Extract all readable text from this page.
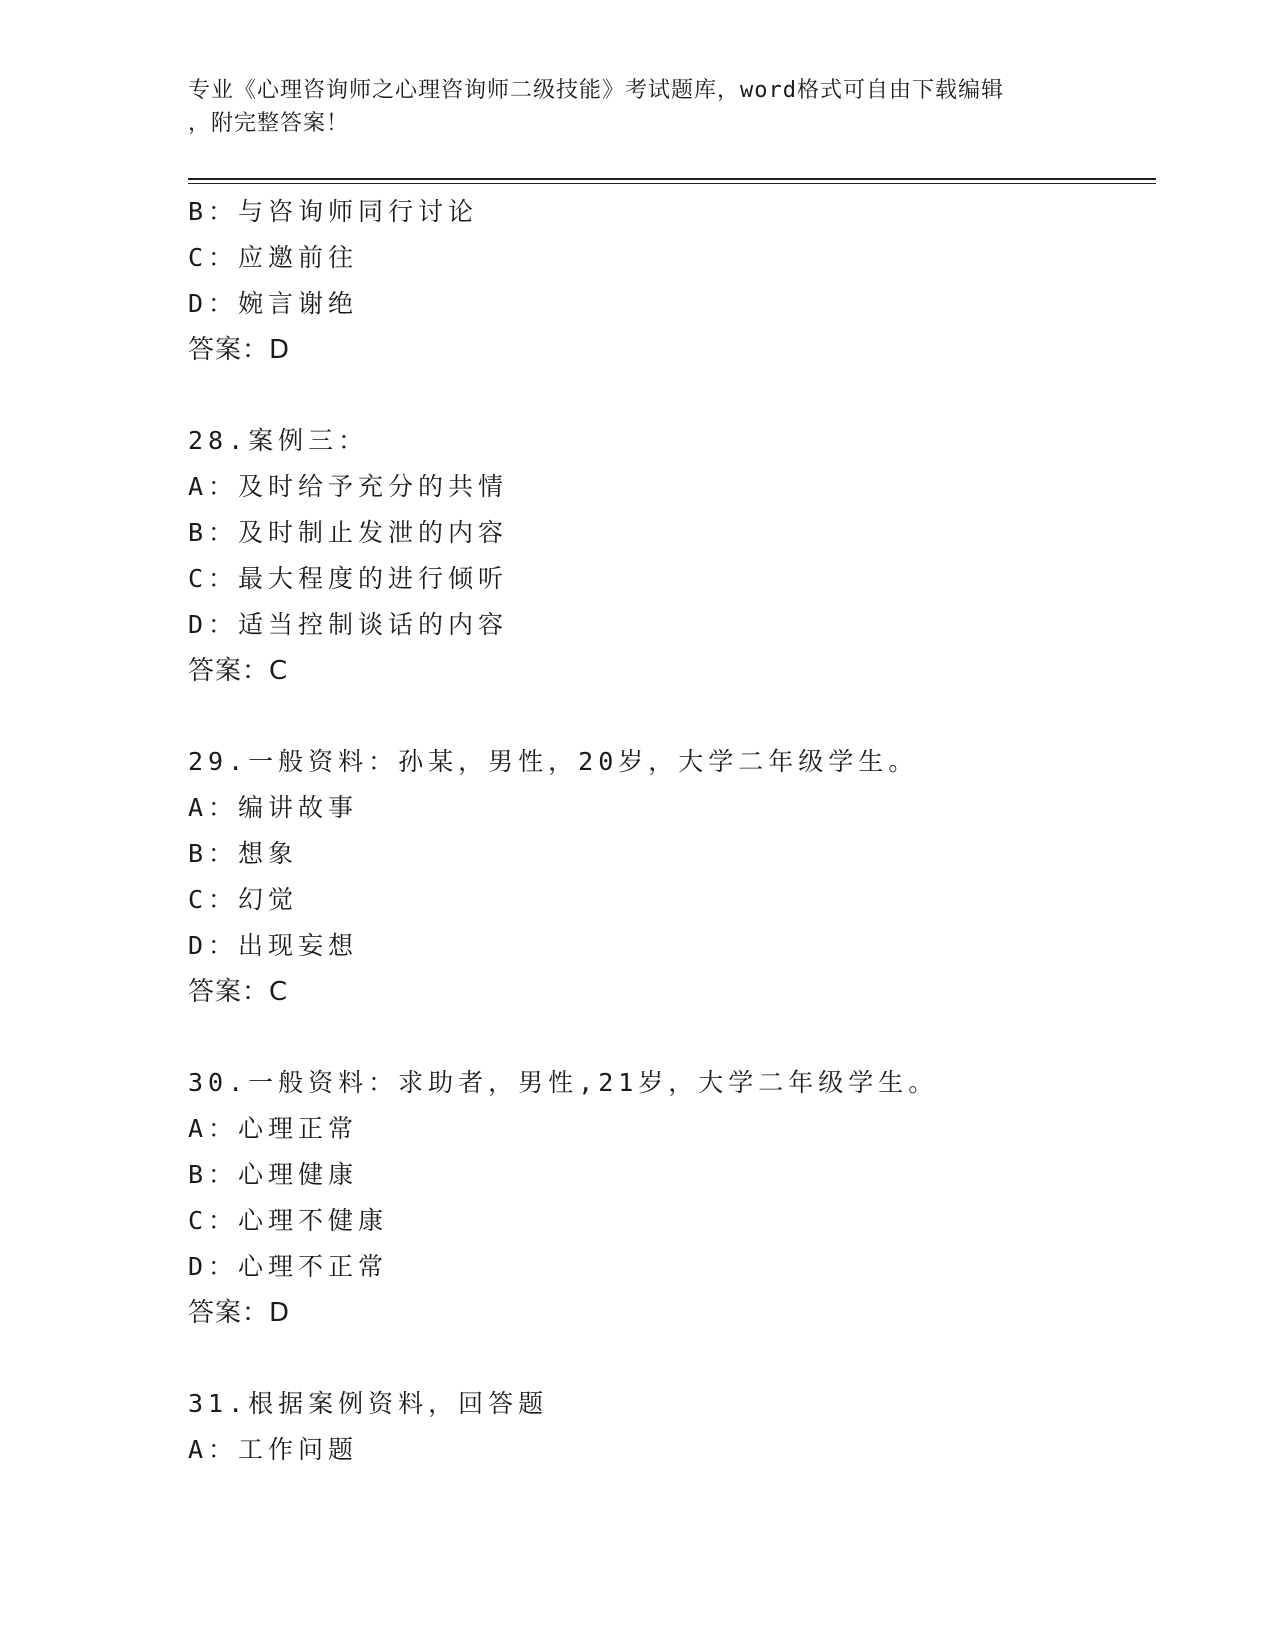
专业《心理咨询师之心理咨询师二级技能》考试题库，word格式可自由下载编辑
，附完整答案！
B：与咨询师同行讨论
C：应邀前往
D：婉言谢绝
答案：D
28.案例三：
A：及时给予充分的共情
B：及时制止发泄的内容
C：最大程度的进行倾听
D：适当控制谈话的内容
答案：C
29.一般资料：孙某，男性，20岁，大学二年级学生。
A：编讲故事
B：想象
C：幻觉
D：出现妄想
答案：C
30.一般资料：求助者，男性,21岁，大学二年级学生。
A：心理正常
B：心理健康
C：心理不健康
D：心理不正常
答案：D
31.根据案例资料，回答题
A：工作问题
